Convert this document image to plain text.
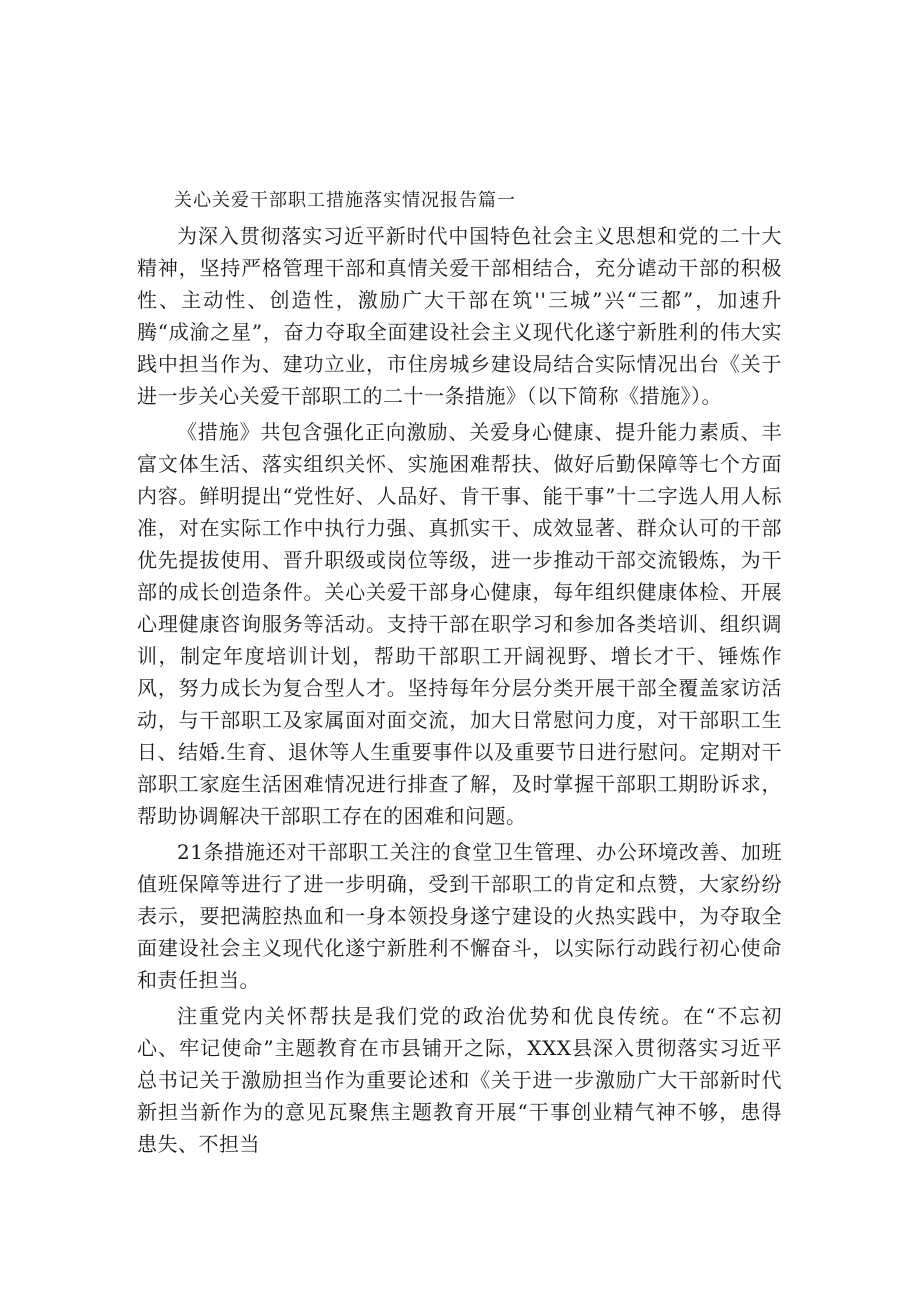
关心关爱干部职工措施落实情况报告篇一

为深入贯彻落实习近平新时代中国特色社会主义思想和党的二十大精神，坚持严格管理干部和真情关爱干部相结合，充分谑动干部的积极性、主动性、创造性，激励广大干部在筑''三城”兴“三都”，加速升腾“成渝之星”，奋力夺取全面建设社会主义现代化遂宁新胜利的伟大实践中担当作为、建功立业，市住房城乡建设局结合实际情况出台《关于进一步关心关爱干部职工的二十一条措施》（以下简称《措施》）。

《措施》共包含强化正向激励、关爱身心健康、提升能力素质、丰富文体生活、落实组织关怀、实施困难帮扶、做好后勤保障等七个方面内容。鲜明提出“党性好、人品好、肯干事、能干事”十二字选人用人标准，对在实际工作中执行力强、真抓实干、成效显著、群众认可的干部优先提拔使用、晋升职级或岗位等级，进一步推动干部交流锻炼，为干部的成长创造条件。关心关爱干部身心健康，每年组织健康体检、开展心理健康咨询服务等活动。支持干部在职学习和参加各类培训、组织调训，制定年度培训计划，帮助干部职工开阔视野、增长才干、锤炼作风，努力成长为复合型人才。坚持每年分层分类开展干部全覆盖家访活动，与干部职工及家属面对面交流，加大日常慰问力度，对干部职工生日、结婚.生育、退休等人生重要事件以及重要节日进行慰问。定期对干部职工家庭生活困难情况进行排查了解，及时掌握干部职工期盼诉求，帮助协调解决干部职工存在的困难和问题。

21条措施还对干部职工关注的食堂卫生管理、办公环境改善、加班值班保障等进行了进一步明确，受到干部职工的肯定和点赞，大家纷纷表示，要把满腔热血和一身本领投身遂宁建设的火热实践中，为夺取全面建设社会主义现代化遂宁新胜利不懈奋斗，以实际行动践行初心使命和责任担当。

注重党内关怀帮扶是我们党的政治优势和优良传统。在“不忘初心、牢记使命”主题教育在市县铺开之际，XXX县深入贯彻落实习近平总书记关于激励担当作为重要论述和《关于进一步激励广大干部新时代新担当新作为的意见瓦聚焦主题教育开展“干事创业精气神不够，患得患失、不担当
